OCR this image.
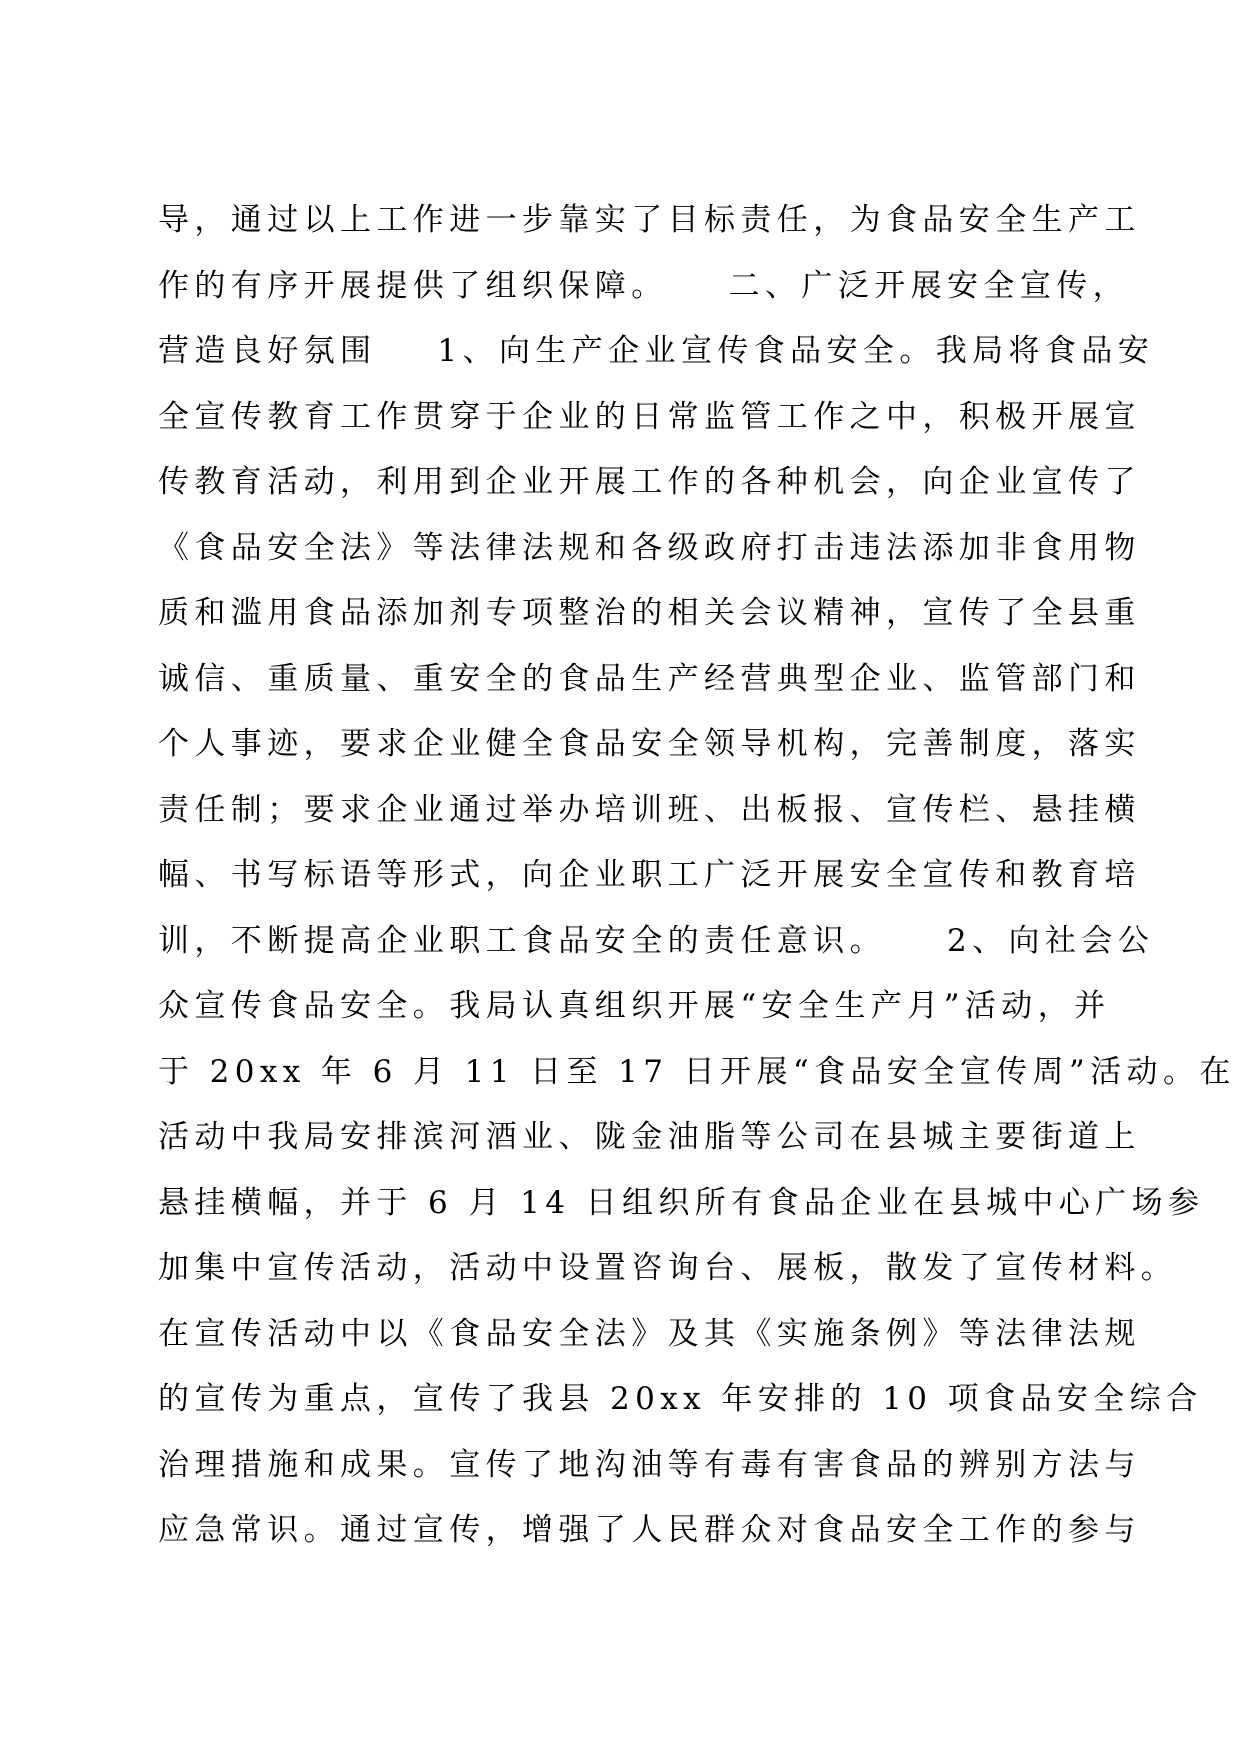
导，通过以上工作进一步靠实了目标责任，为食品安全生产工
作的有序开展提供了组织保障。    二、广泛开展安全宣传，
营造良好氛围    1、向生产企业宣传食品安全。我局将食品安
全宣传教育工作贯穿于企业的日常监管工作之中，积极开展宣
传教育活动，利用到企业开展工作的各种机会，向企业宣传了
《食品安全法》等法律法规和各级政府打击违法添加非食用物
质和滥用食品添加剂专项整治的相关会议精神，宣传了全县重
诚信、重质量、重安全的食品生产经营典型企业、监管部门和
个人事迹，要求企业健全食品安全领导机构，完善制度，落实
责任制；要求企业通过举办培训班、出板报、宣传栏、悬挂横
幅、书写标语等形式，向企业职工广泛开展安全宣传和教育培
训，不断提高企业职工食品安全的责任意识。    2、向社会公
众宣传食品安全。我局认真组织开展“安全生产月”活动，并
于 20xx 年 6 月 11 日至 17 日开展“食品安全宣传周”活动。在
活动中我局安排滨河酒业、陇金油脂等公司在县城主要街道上
悬挂横幅，并于 6 月 14 日组织所有食品企业在县城中心广场参
加集中宣传活动，活动中设置咨询台、展板，散发了宣传材料。
在宣传活动中以《食品安全法》及其《实施条例》等法律法规
的宣传为重点，宣传了我县 20xx 年安排的 10 项食品安全综合
治理措施和成果。宣传了地沟油等有毒有害食品的辨别方法与
应急常识。通过宣传，增强了人民群众对食品安全工作的参与
